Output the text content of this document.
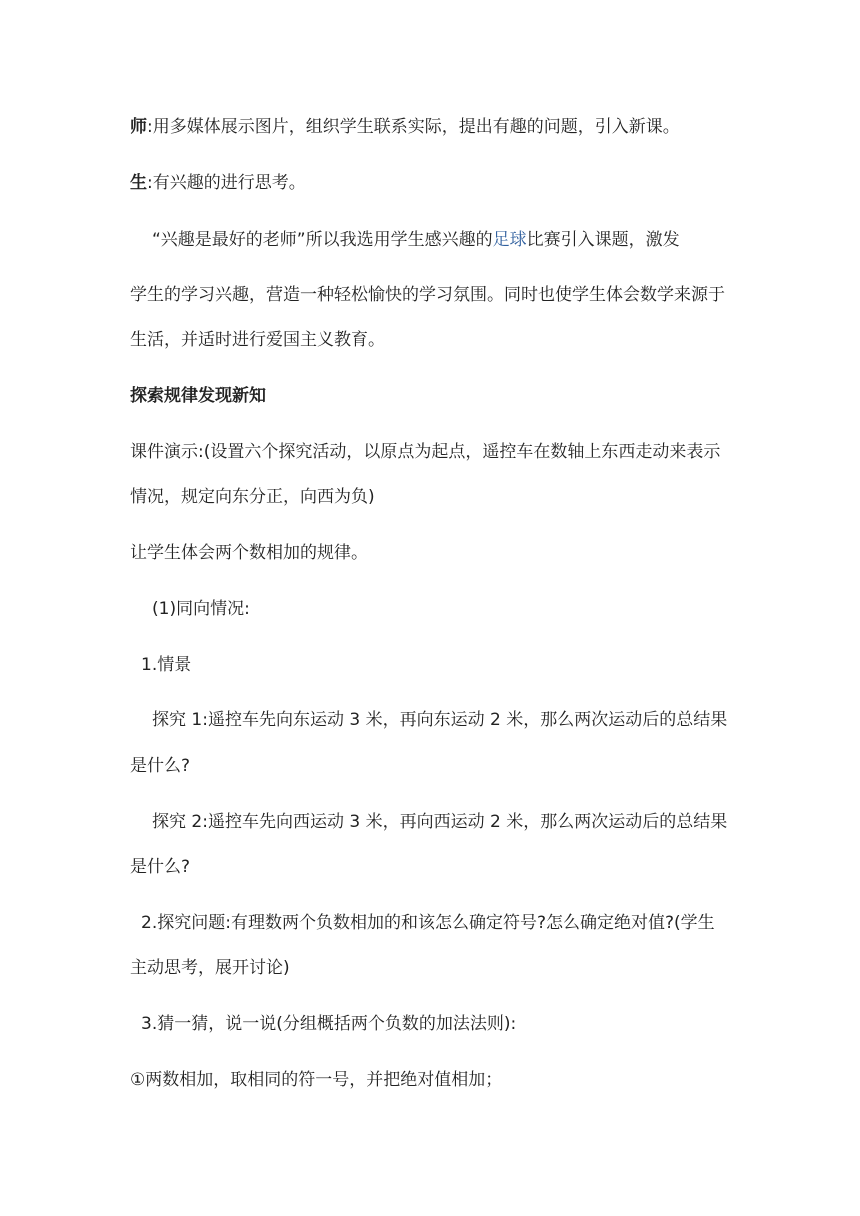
师:用多媒体展示图片，组织学生联系实际，提出有趣的问题，引入新课。
生:有兴趣的进行思考。
“兴趣是最好的老师”所以我选用学生感兴趣的足球比赛引入课题，激发
学生的学习兴趣，营造一种轻松愉快的学习氛围。同时也使学生体会数学来源于
生活，并适时进行爱国主义教育。
探索规律发现新知
课件演示:(设置六个探究活动，以原点为起点，遥控车在数轴上东西走动来表示
情况，规定向东分正，向西为负)
让学生体会两个数相加的规律。
(1)同向情况:
1.情景
探究 1:遥控车先向东运动 3 米，再向东运动 2 米，那么两次运动后的总结果
是什么?
探究 2:遥控车先向西运动 3 米，再向西运动 2 米，那么两次运动后的总结果
是什么?
2.探究问题:有理数两个负数相加的和该怎么确定符号?怎么确定绝对值?(学生
主动思考，展开讨论)
3.猜一猜，说一说(分组概括两个负数的加法法则):
①两数相加，取相同的符一号，并把绝对值相加；
